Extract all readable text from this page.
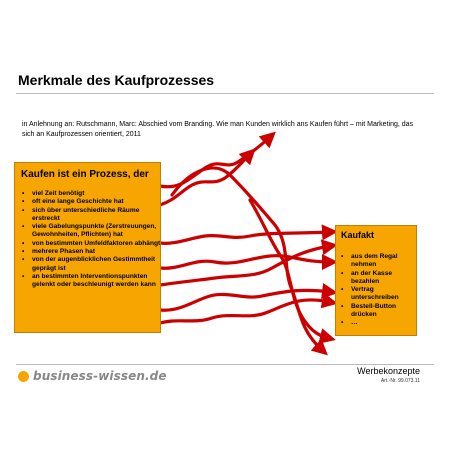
Merkmale des Kaufprozesses
in Anlehnung an: Rutschmann, Marc: Abschied vom Branding. Wie man Kunden wirklich ans Kaufen führt – mit Marketing, das sich an Kaufprozessen orientiert, 2011
Kaufen ist ein Prozess, der
• viel Zeit benötigt
• oft eine lange Geschichte hat
• sich über unterschiedliche Räume erstreckt
• viele Gabelungspunkte (Zerstreuungen, Gewohnheiten, Pflichten) hat
• von bestimmten Umfeldfaktoren abhängt
• mehrere Phasen hat
• von der augenblicklichen Gestimmtheit geprägt ist
• an bestimmten Interventionspunkten gelenkt oder beschleunigt werden kann
Kaufakt
• aus dem Regal nehmen
• an der Kasse bezahlen
• Vertrag unterschreiben
• Bestell-Button drücken
• …
business-wissen.de	Werbekonzepte
Art.-Nr. 99.073.11
